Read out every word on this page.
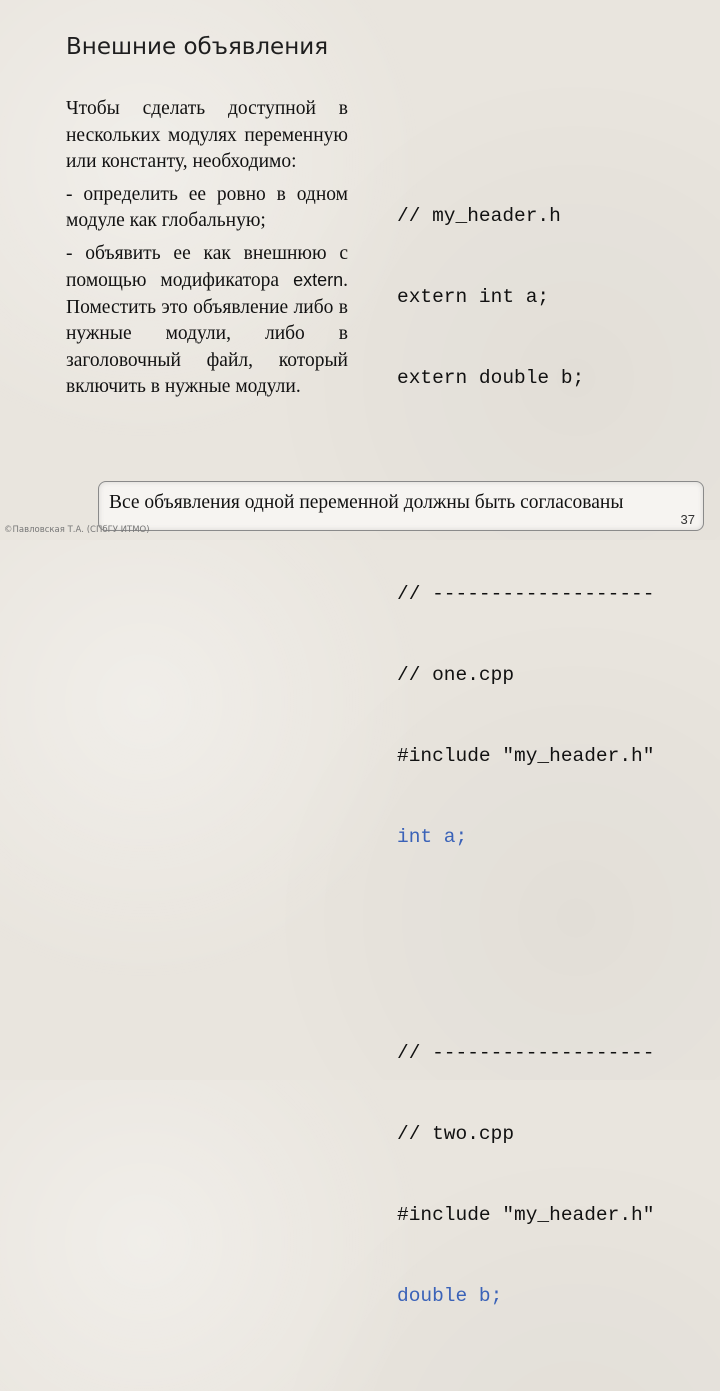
Внешние объявления

Чтобы сделать доступной в нескольких модулях переменную или константу, необходимо:

- определить ее ровно в одном модуле как глобальную;

- объявить ее как внешнюю с помощью модификатора extern. Поместить это объявление либо в нужные модули, либо в заголовочный файл, который включить в нужные модули.

// my_header.h

extern int a;

extern double b;

// -------------------

// one.cpp

#include "my_header.h"

int a;

// -------------------

// two.cpp

#include "my_header.h"

double b;

Все объявления одной переменной должны быть согласованы
37
©Павловская Т.А. (СПбГУ ИТМО)
